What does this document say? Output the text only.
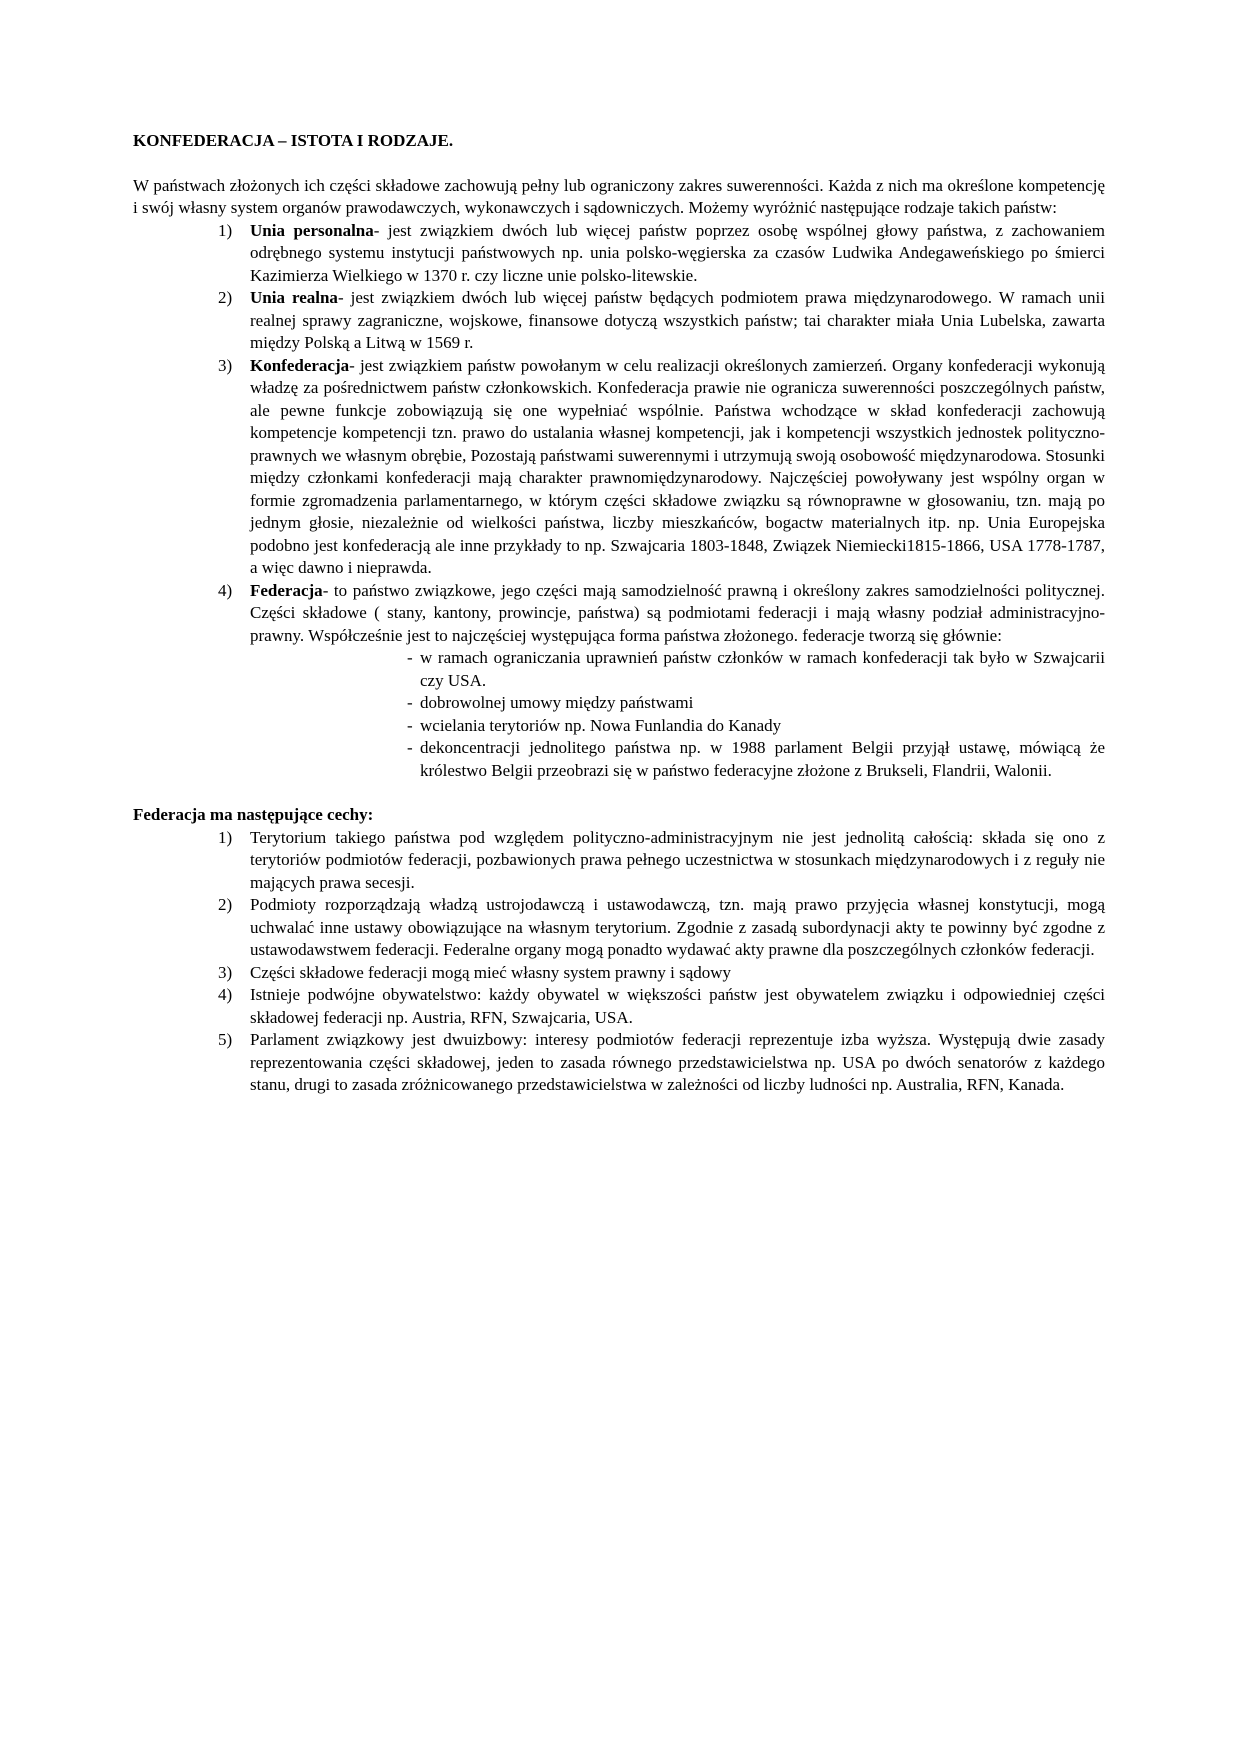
KONFEDERACJA – ISTOTA I RODZAJE.

W państwach złożonych ich części składowe zachowują pełny lub ograniczony zakres suwerenności. Każda z nich ma określone kompetencję i swój własny system organów prawodawczych, wykonawczych i sądowniczych. Możemy wyróżnić następujące rodzaje takich państw:

1) Unia personalna- jest związkiem dwóch lub więcej państw poprzez osobę wspólnej głowy państwa, z zachowaniem odrębnego systemu instytucji państwowych np. unia polsko-węgierska za czasów Ludwika Andegaweńskiego po śmierci Kazimierza Wielkiego w 1370 r. czy liczne unie polsko-litewskie.
2) Unia realna- jest związkiem dwóch lub więcej państw będących podmiotem prawa międzynarodowego. W ramach unii realnej sprawy zagraniczne, wojskowe, finansowe dotyczą wszystkich państw; tai charakter miała Unia Lubelska, zawarta między Polską a Litwą w 1569 r.
3) Konfederacja- jest związkiem państw powołanym w celu realizacji określonych zamierzeń. Organy konfederacji wykonują władzę za pośrednictwem państw członkowskich. Konfederacja prawie nie ogranicza suwerenności poszczególnych państw, ale pewne funkcje zobowiązują się one wypełniać wspólnie. Państwa wchodzące w skład konfederacji zachowują kompetencje kompetencji tzn. prawo do ustalania własnej kompetencji, jak i kompetencji wszystkich jednostek polityczno-prawnych we własnym obrębie, Pozostają państwami suwerennymi i utrzymują swoją osobowość międzynarodowa. Stosunki między członkami konfederacji mają charakter prawnomiędzynarodowy. Najczęściej powoływany jest wspólny organ w formie zgromadzenia parlamentarnego, w którym części składowe związku są równoprawne w głosowaniu, tzn. mają po jednym głosie, niezależnie od wielkości państwa, liczby mieszkańców, bogactw materialnych itp. np. Unia Europejska podobno jest konfederacją ale inne przykłady to np. Szwajcaria 1803-1848, Związek Niemiecki1815-1866, USA 1778-1787, a więc dawno i nieprawda.
4) Federacja- to państwo związkowe, jego części mają samodzielność prawną i określony zakres samodzielności politycznej. Części składowe ( stany, kantony, prowincje, państwa) są podmiotami federacji i mają własny podział administracyjno-prawny. Współcześnie jest to najczęściej występująca forma państwa złożonego. federacje tworzą się głównie:
- w ramach ograniczania uprawnień państw członków w ramach konfederacji tak było w Szwajcarii czy USA.
- dobrowolnej umowy między państwami
- wcielania terytoriów np. Nowa Funlandia do Kanady
- dekoncentracji jednolitego państwa np. w 1988 parlament Belgii przyjął ustawę, mówiącą że królestwo Belgii przeobrazi się w państwo federacyjne złożone z Brukseli, Flandrii, Walonii.

Federacja ma następujące cechy:

1) Terytorium takiego państwa pod względem polityczno-administracyjnym nie jest jednolitą całością: składa się ono z terytoriów podmiotów federacji, pozbawionych prawa pełnego uczestnictwa w stosunkach międzynarodowych i z reguły nie mających prawa secesji.
2) Podmioty rozporządzają władzą ustrojodawczą i ustawodawczą, tzn. mają prawo przyjęcia własnej konstytucji, mogą uchwalać inne ustawy obowiązujące na własnym terytorium. Zgodnie z zasadą subordynacji akty te powinny być zgodne z ustawodawstwem federacji. Federalne organy mogą ponadto wydawać akty prawne dla poszczególnych członków federacji.
3) Części składowe federacji mogą mieć własny system prawny i sądowy
4) Istnieje podwójne obywatelstwo: każdy obywatel w większości państw jest obywatelem związku i odpowiedniej części składowej federacji np. Austria, RFN, Szwajcaria, USA.
5) Parlament związkowy jest dwuizbowy: interesy podmiotów federacji reprezentuje izba wyższa. Występują dwie zasady reprezentowania części składowej, jeden to zasada równego przedstawicielstwa np. USA po dwóch senatorów z każdego stanu, drugi to zasada zróżnicowanego przedstawicielstwa w zależności od liczby ludności np. Australia, RFN, Kanada.
